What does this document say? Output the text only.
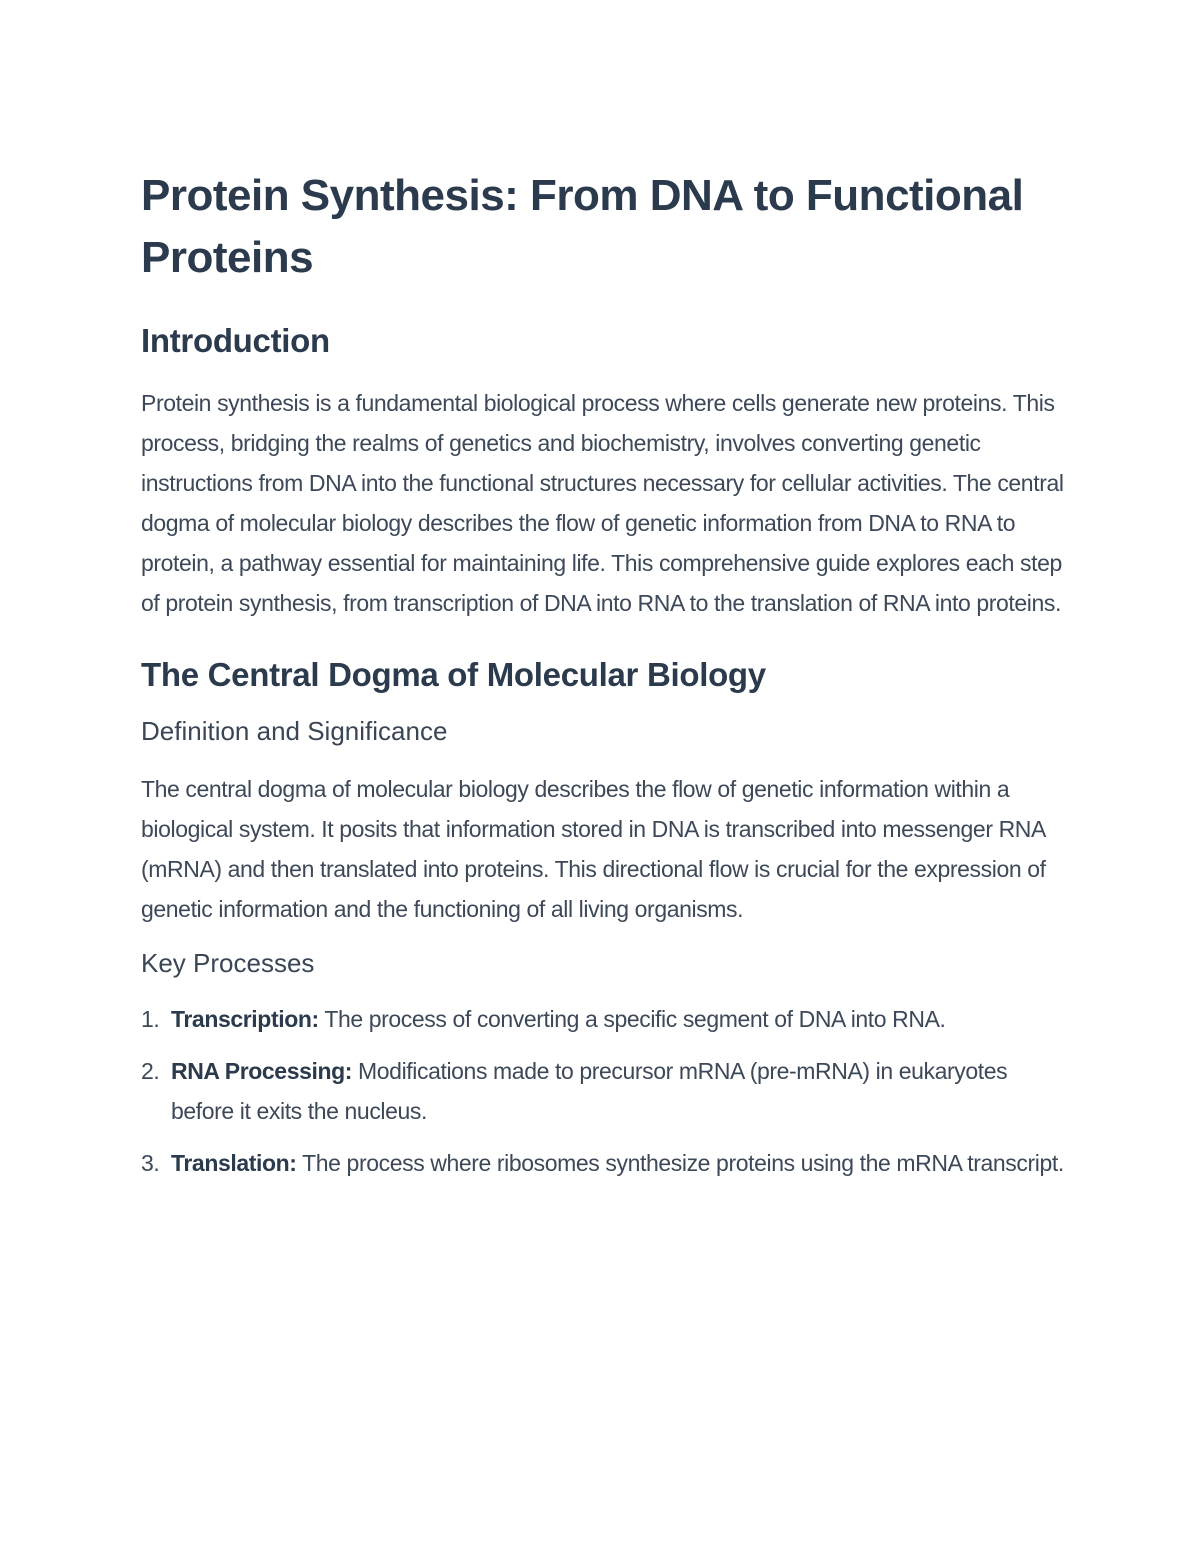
Protein Synthesis: From DNA to Functional Proteins
Introduction

Protein synthesis is a fundamental biological process where cells generate new proteins. This process, bridging the realms of genetics and biochemistry, involves converting genetic instructions from DNA into the functional structures necessary for cellular activities. The central dogma of molecular biology describes the flow of genetic information from DNA to RNA to protein, a pathway essential for maintaining life. This comprehensive guide explores each step of protein synthesis, from transcription of DNA into RNA to the translation of RNA into proteins.

The Central Dogma of Molecular Biology
Definition and Significance

The central dogma of molecular biology describes the flow of genetic information within a biological system. It posits that information stored in DNA is transcribed into messenger RNA (mRNA) and then translated into proteins. This directional flow is crucial for the expression of genetic information and the functioning of all living organisms.

Key Processes
1. Transcription: The process of converting a specific segment of DNA into RNA.
2. RNA Processing: Modifications made to precursor mRNA (pre-mRNA) in eukaryotes before it exits the nucleus.
3. Translation: The process where ribosomes synthesize proteins using the mRNA transcript.
